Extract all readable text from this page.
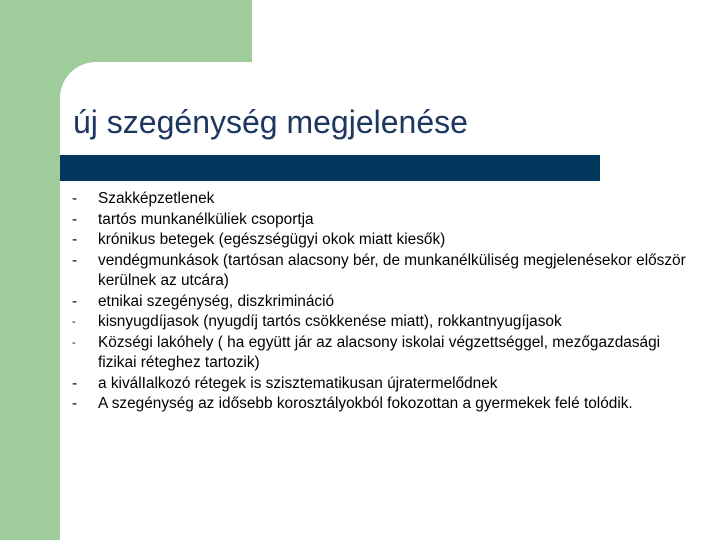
új szegénység megjelenése
-	Szakképzetlenek
-	tartós munkanélküliek csoportja
-	krónikus betegek (egészségügyi okok miatt kiesők)
-	vendégmunkások (tartósan alacsony bér, de munkanélküliség megjelenésekor először kerülnek az utcára)
-	etnikai szegénység, diszkrimináció
-	kisnyugdíjasok (nyugdíj tartós csökkenése miatt), rokkantnyugíjasok
-	Községi lakóhely ( ha együtt jár az alacsony iskolai végzettséggel, mezőgazdasági fizikai réteghez tartozik)
-	a kiválIalkozó rétegek is szisztematikusan újratermelődnek
-	A szegénység az idősebb korosztályokból fokozottan a gyermekek felé tolódik.
